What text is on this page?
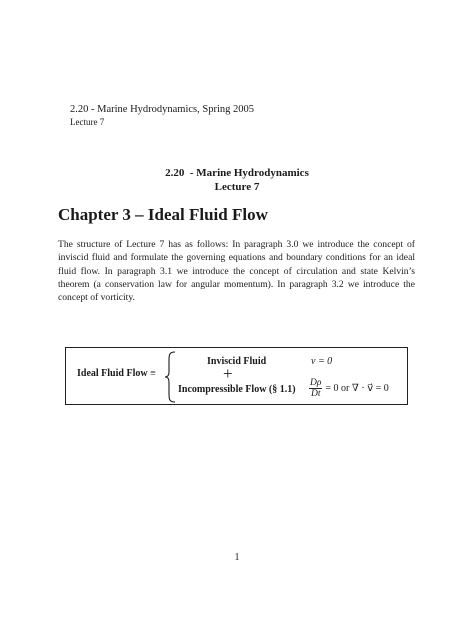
2.20 - Marine Hydrodynamics, Spring 2005
Lecture 7
2.20  - Marine Hydrodynamics
Lecture 7
Chapter 3 – Ideal Fluid Flow
The structure of Lecture 7 has as follows: In paragraph 3.0 we introduce the concept of
inviscid fluid and formulate the governing equations and boundary conditions for an ideal
fluid flow. In paragraph 3.1 we introduce the concept of circulation and state Kelvin’s
theorem (a conservation law for angular momentum). In paragraph 3.2 we introduce the
concept of vorticity.
Ideal Fluid Flow ≡
Inviscid Fluid
+
Incompressible Flow (§ 1.1)
ν = 0
$\frac{D\rho}{Dt} = 0$ or ∇ · v⃗ = 0
1
